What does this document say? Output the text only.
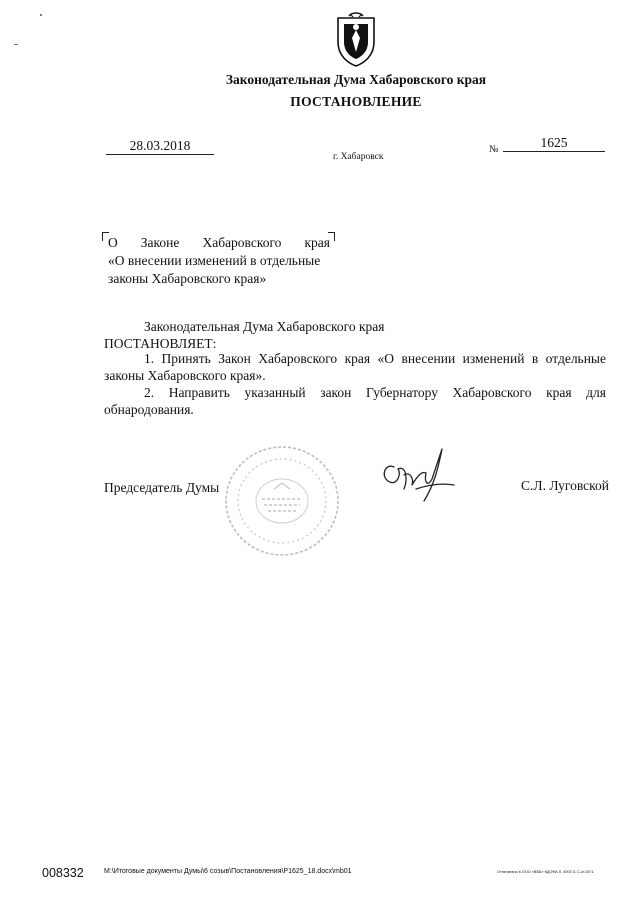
Законодательная Дума Хабаровского края
ПОСТАНОВЛЕНИЕ
28.03.2018
г. Хабаровск
№	1625
О Законе Хабаровского края
«О внесении изменений в отдельные
законы Хабаровского края»
Законодательная Дума Хабаровского края
ПОСТАНОВЛЯЕТ:
1. Принять Закон Хабаровского края «О внесении изменений в отдельные законы Хабаровского края».
2. Направить указанный закон Губернатору Хабаровского края для обнародования.
Председатель Думы	С.Л. Луговской
008332	M:\Итоговые документы Думы\6 созыв\Постановления\P1625_18.docx\mb01	Отпечатано в ООО «ВББ» КДОФА Л. 4000 3. С-ст.2671
